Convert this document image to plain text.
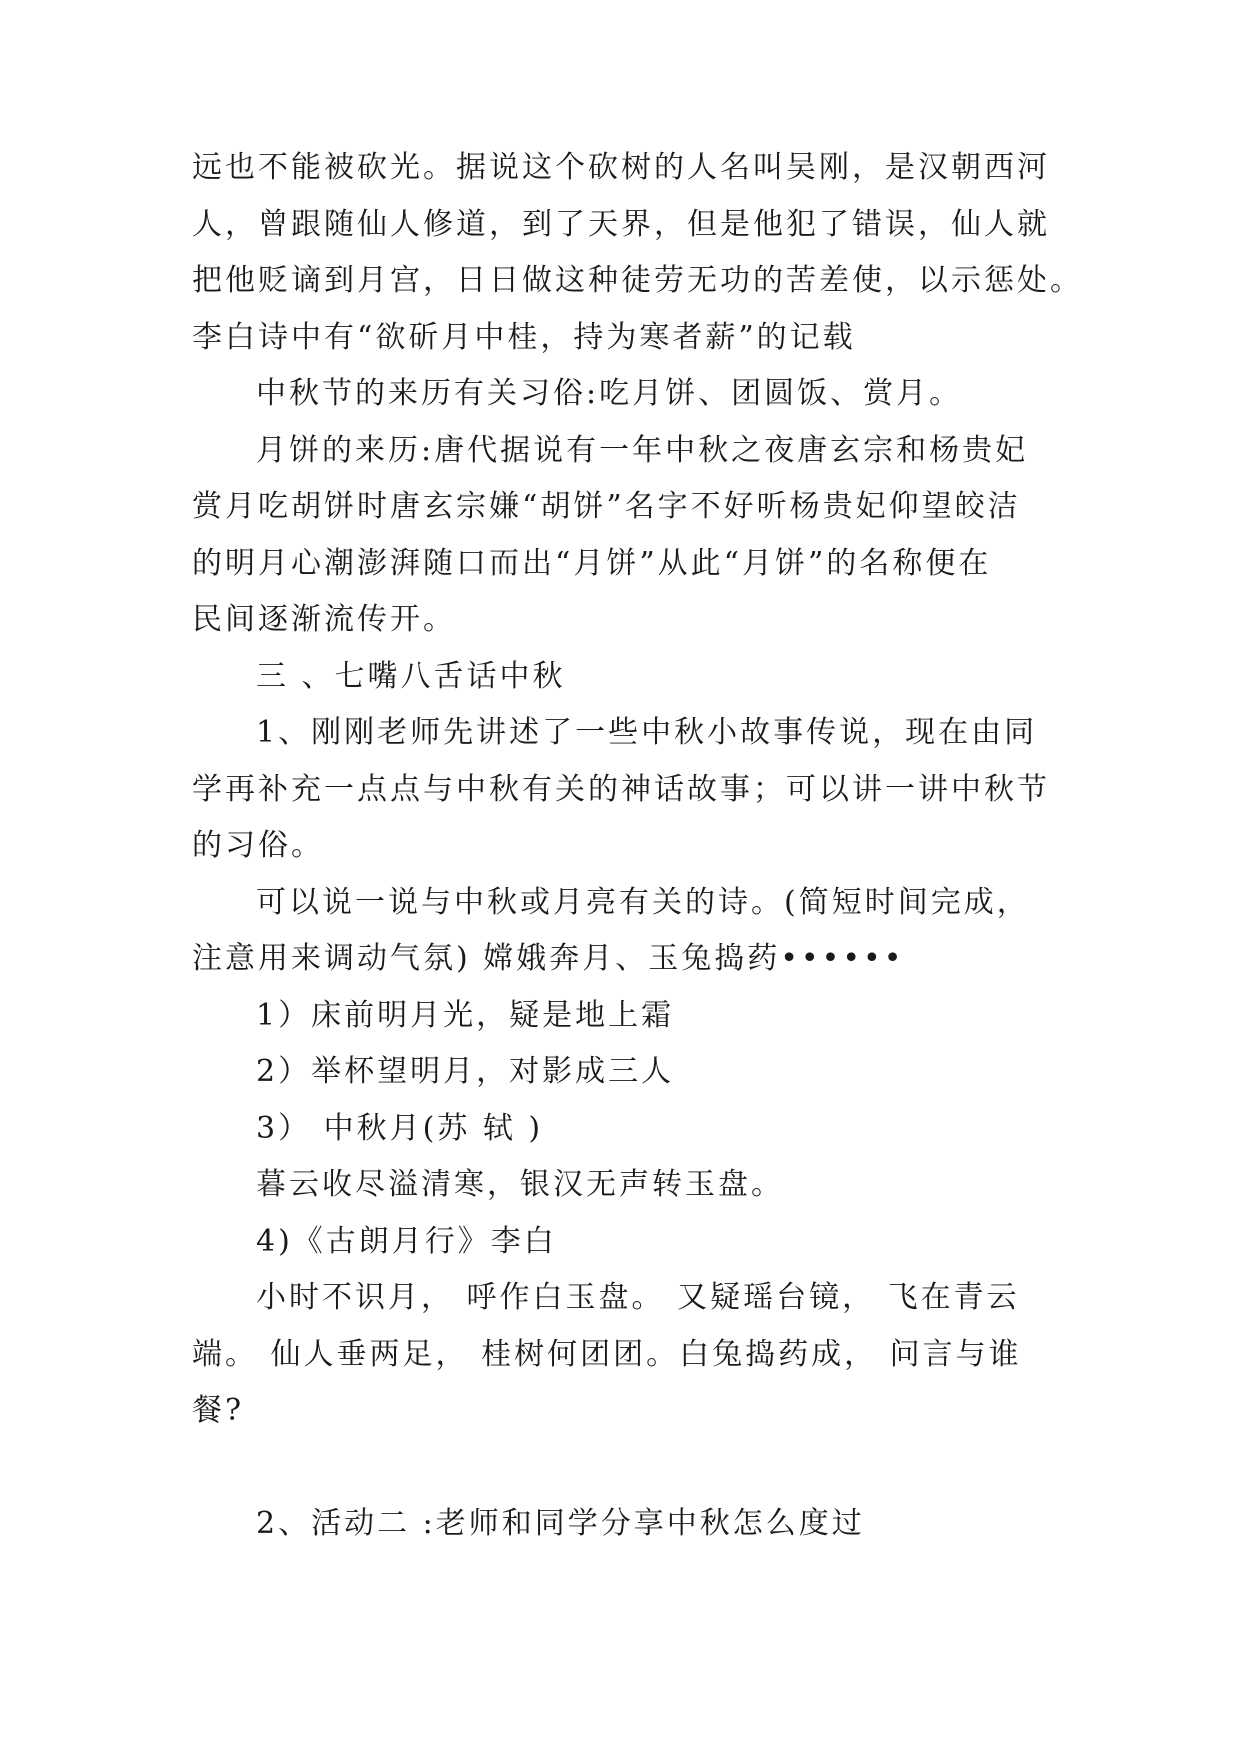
远也不能被砍光。据说这个砍树的人名叫吴刚，是汉朝西河
人，曾跟随仙人修道，到了天界，但是他犯了错误，仙人就
把他贬谪到月宫，日日做这种徒劳无功的苦差使，以示惩处。
李白诗中有“欲斫月中桂，持为寒者薪”的记载
中秋节的来历有关习俗:吃月饼、团圆饭、赏月。
月饼的来历:唐代据说有一年中秋之夜唐玄宗和杨贵妃
赏月吃胡饼时唐玄宗嫌“胡饼”名字不好听杨贵妃仰望皎洁
的明月心潮澎湃随口而出“月饼”从此“月饼”的名称便在
民间逐渐流传开。
三 、七嘴八舌话中秋
1、刚刚老师先讲述了一些中秋小故事传说，现在由同
学再补充一点点与中秋有关的神话故事；可以讲一讲中秋节
的习俗。
可以说一说与中秋或月亮有关的诗。(简短时间完成，
注意用来调动气氛) 嫦娥奔月、玉兔捣药••••••
1）床前明月光，疑是地上霜
2）举杯望明月，对影成三人
3） 中秋月(苏 轼 )
暮云收尽溢清寒，银汉无声转玉盘。
4)《古朗月行》李白
小时不识月， 呼作白玉盘。 又疑瑶台镜， 飞在青云
端。 仙人垂两足， 桂树何团团。白兔捣药成， 问言与谁
餐?
2、活动二 :老师和同学分享中秋怎么度过
